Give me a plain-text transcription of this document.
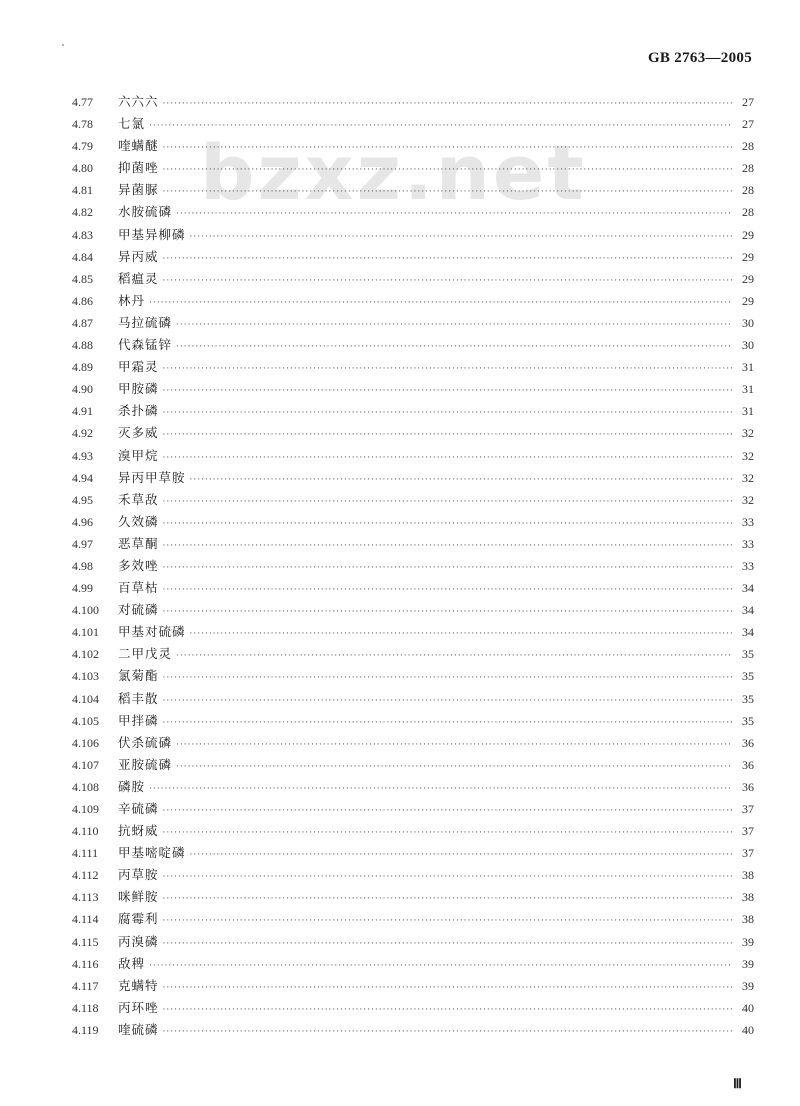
GB 2763—2005
bzxz.net
4.77	六六六 ·····	27
4.78	七氯 ·····	27
4.79	喹螨醚 ·····	28
4.80	抑菌唑 ·····	28
4.81	异菌脲 ·····	28
4.82	水胺硫磷 ·····	28
4.83	甲基异柳磷 ·····	29
4.84	异丙威 ·····	29
4.85	稻瘟灵 ·····	29
4.86	林丹 ·····	29
4.87	马拉硫磷 ·····	30
4.88	代森锰锌 ·····	30
4.89	甲霜灵 ·····	31
4.90	甲胺磷 ·····	31
4.91	杀扑磷 ·····	31
4.92	灭多威 ·····	32
4.93	溴甲烷 ·····	32
4.94	异丙甲草胺 ·····	32
4.95	禾草敌 ·····	32
4.96	久效磷 ·····	33
4.97	恶草酮 ·····	33
4.98	多效唑 ·····	33
4.99	百草枯 ·····	34
4.100	对硫磷 ·····	34
4.101	甲基对硫磷 ·····	34
4.102	二甲戊灵 ·····	35
4.103	氯菊酯 ·····	35
4.104	稻丰散 ·····	35
4.105	甲拌磷 ·····	35
4.106	伏杀硫磷 ·····	36
4.107	亚胺硫磷 ·····	36
4.108	磷胺 ·····	36
4.109	辛硫磷 ·····	37
4.110	抗蚜威 ·····	37
4.111	甲基嘧啶磷 ·····	37
4.112	丙草胺 ·····	38
4.113	咪鲜胺 ·····	38
4.114	腐霉利 ·····	38
4.115	丙溴磷 ·····	39
4.116	敌稗 ·····	39
4.117	克螨特 ·····	39
4.118	丙环唑 ·····	40
4.119	喹硫磷 ·····	40
Ⅲ
